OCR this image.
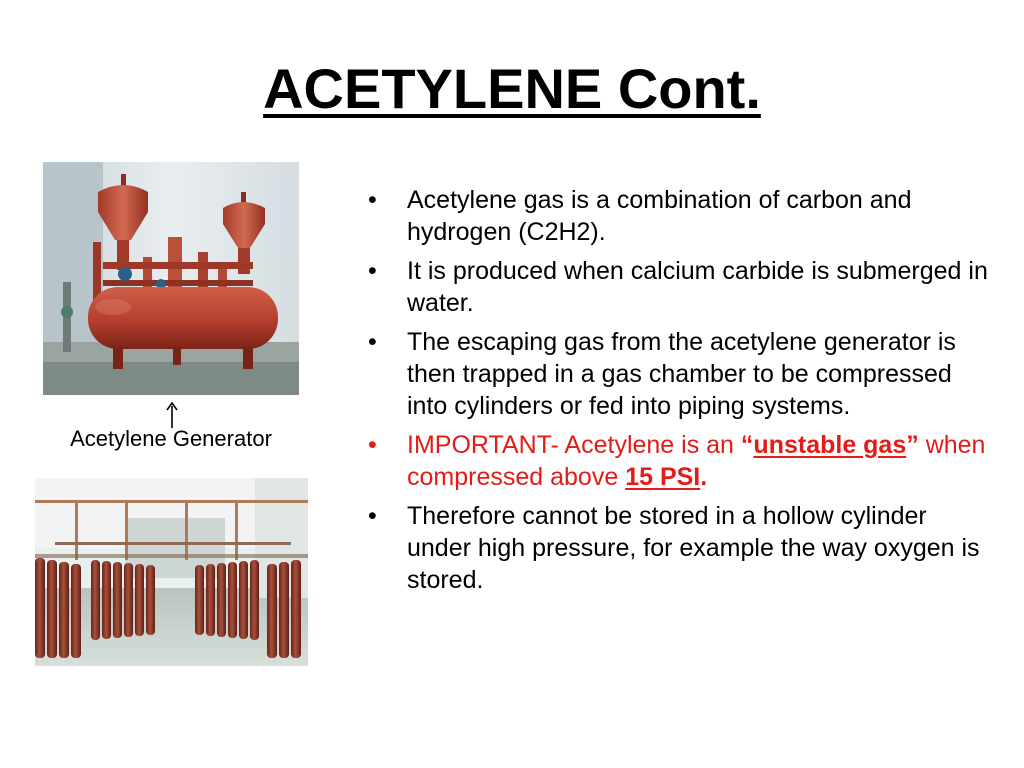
ACETYLENE Cont.
Acetylene Generator
• Acetylene gas is a combination of carbon and hydrogen (C2H2).
• It is produced when calcium carbide is submerged in water.
• The escaping gas from the acetylene generator is then trapped in a gas chamber to be compressed into cylinders or fed into piping systems.
• IMPORTANT- Acetylene is an “unstable gas” when compressed above 15 PSI.
• Therefore cannot be stored in a hollow cylinder under high pressure, for example the way oxygen is stored.
